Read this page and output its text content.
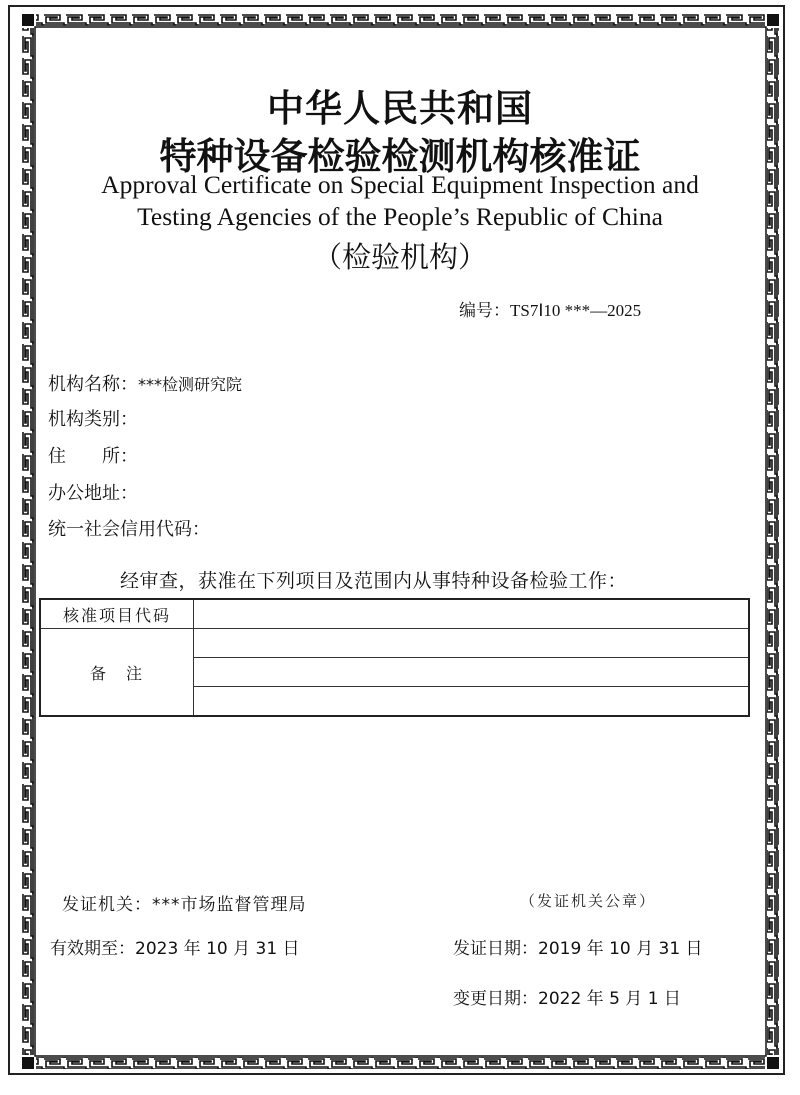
中华人民共和国
特种设备检验检测机构核准证
Approval Certificate on Special Equipment Inspection and
Testing Agencies of the People’s Republic of China
（检验机构）
编号：TS7Ⅰ10 ***—2025
机构名称：***检测研究院
机构类别：
住　　所：
办公地址：
统一社会信用代码：
经审查，获准在下列项目及范围内从事特种设备检验工作：
核准项目代码	
备　注	

发证机关：***市场监督管理局	（发证机关公章）
有效期至：2023 年 10 月 31 日	发证日期：2019 年 10 月 31 日
变更日期：2022 年 5 月 1 日
